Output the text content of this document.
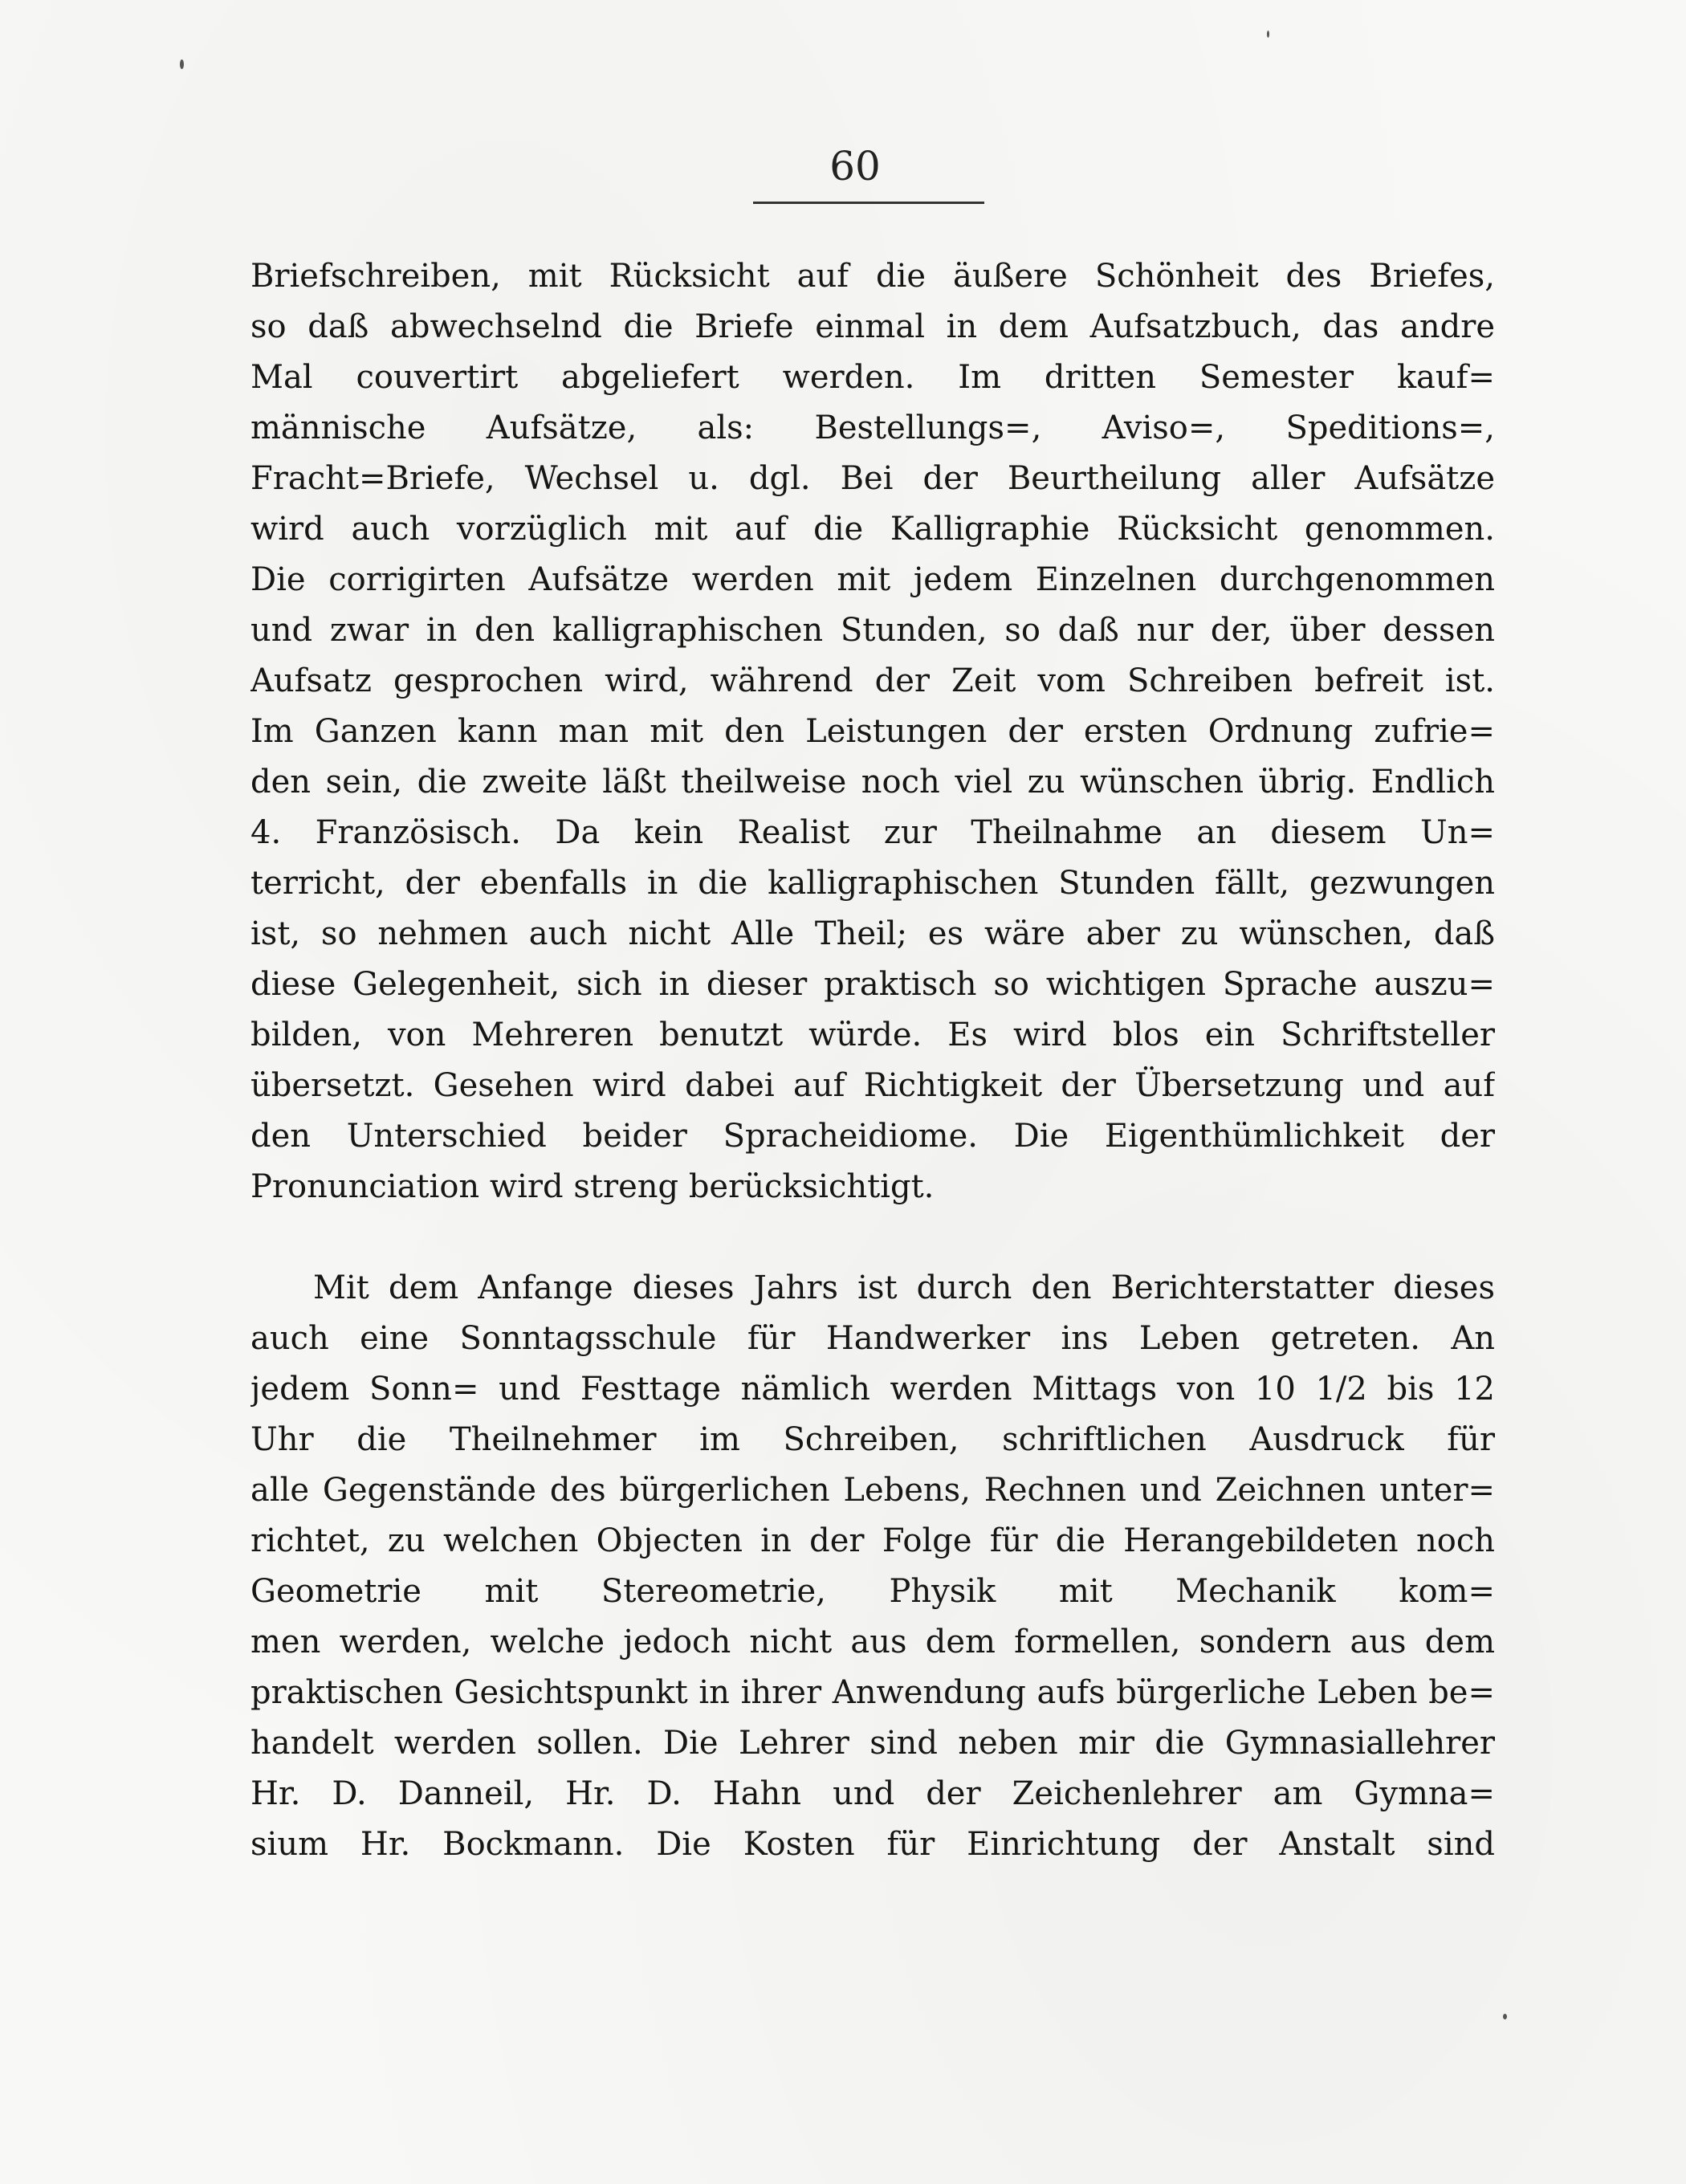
60
Briefschreiben, mit Rücksicht auf die äußere Schönheit des Briefes,
so daß abwechselnd die Briefe einmal in dem Aufsatzbuch, das andre
Mal couvertirt abgeliefert werden. Im dritten Semester kauf=
männische Aufsätze, als: Bestellungs=, Aviso=, Speditions=,
Fracht=Briefe, Wechsel u. dgl. Bei der Beurtheilung aller Aufsätze
wird auch vorzüglich mit auf die Kalligraphie Rücksicht genommen.
Die corrigirten Aufsätze werden mit jedem Einzelnen durchgenommen
und zwar in den kalligraphischen Stunden, so daß nur der, über dessen
Aufsatz gesprochen wird, während der Zeit vom Schreiben befreit ist.
Im Ganzen kann man mit den Leistungen der ersten Ordnung zufrie=
den sein, die zweite läßt theilweise noch viel zu wünschen übrig. Endlich
4. Französisch. Da kein Realist zur Theilnahme an diesem Un=
terricht, der ebenfalls in die kalligraphischen Stunden fällt, gezwungen
ist, so nehmen auch nicht Alle Theil; es wäre aber zu wünschen, daß
diese Gelegenheit, sich in dieser praktisch so wichtigen Sprache auszu=
bilden, von Mehreren benutzt würde. Es wird blos ein Schriftsteller
übersetzt. Gesehen wird dabei auf Richtigkeit der Übersetzung und auf
den Unterschied beider Spracheidiome. Die Eigenthümlichkeit der
Pronunciation wird streng berücksichtigt.
Mit dem Anfange dieses Jahrs ist durch den Berichterstatter dieses
auch eine Sonntagsschule für Handwerker ins Leben getreten. An
jedem Sonn= und Festtage nämlich werden Mittags von 10 1/2 bis 12
Uhr die Theilnehmer im Schreiben, schriftlichen Ausdruck für
alle Gegenstände des bürgerlichen Lebens, Rechnen und Zeichnen unter=
richtet, zu welchen Objecten in der Folge für die Herangebildeten noch
Geometrie mit Stereometrie, Physik mit Mechanik kom=
men werden, welche jedoch nicht aus dem formellen, sondern aus dem
praktischen Gesichtspunkt in ihrer Anwendung aufs bürgerliche Leben be=
handelt werden sollen. Die Lehrer sind neben mir die Gymnasiallehrer
Hr. D. Danneil, Hr. D. Hahn und der Zeichenlehrer am Gymna=
sium Hr. Bockmann. Die Kosten für Einrichtung der Anstalt sind
